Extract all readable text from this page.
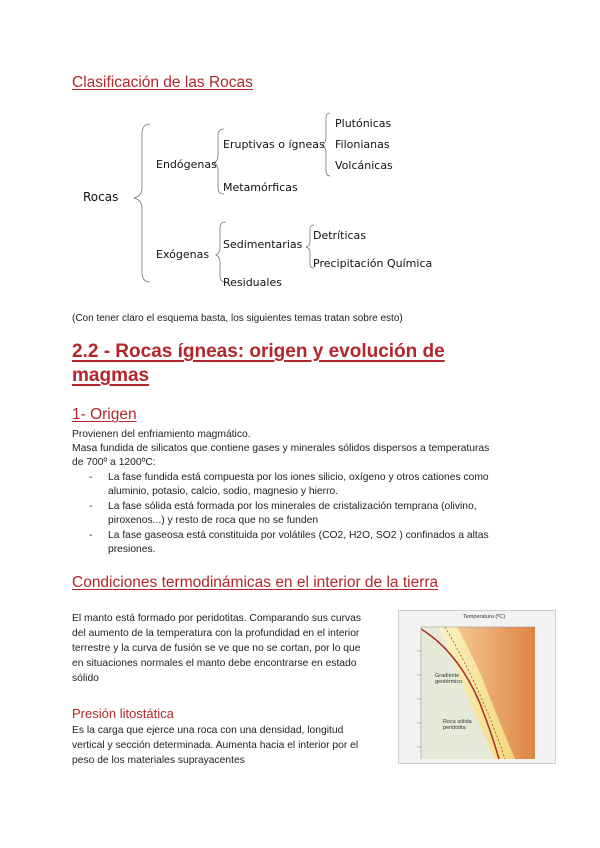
Clasificación de las Rocas
Rocas
Endógenas
Exógenas
Eruptivas o ígneas
Metamórficas
Plutónicas
Filonianas
Volcánicas
Sedimentarias
Residuales
Detríticas
Precipitación Química
(Con tener claro el esquema basta, los siguientes temas tratan sobre esto)
2.2 - Rocas ígneas: origen y evolución de
magmas
1- Origen
Provienen del enfriamiento magmático.
Masa fundida de silicatos que contiene gases y minerales sólidos dispersos a temperaturas
de 700º a 1200ºC:
- La fase fundida está compuesta por los iones silicio, oxígeno y otros cationes como
aluminio, potasio, calcio, sodio, magnesio y hierro.
- La fase sólida está formada por los minerales de cristalización temprana (olivino,
piroxenos...) y resto de roca que no se funden
- La fase gaseosa está constituida por volátiles (CO2, H2O, SO2 ) confinados a altas
presiones.
Condiciones termodinámicas en el interior de la tierra
El manto está formado por peridotitas. Comparando sus curvas
del aumento de la temperatura con la profundidad en el interior
terrestre y la curva de fusión se ve que no se cortan, por lo que
en situaciones normales el manto debe encontrarse en estado
sólido
Presión litostática
Es la carga que ejerce una roca con una densidad, longitud
vertical y sección determinada. Aumenta hacia el interior por el
peso de los materiales suprayacentes
Temperatura (ºC)
Gradiente geotérmico
Roca sólida peridotita
